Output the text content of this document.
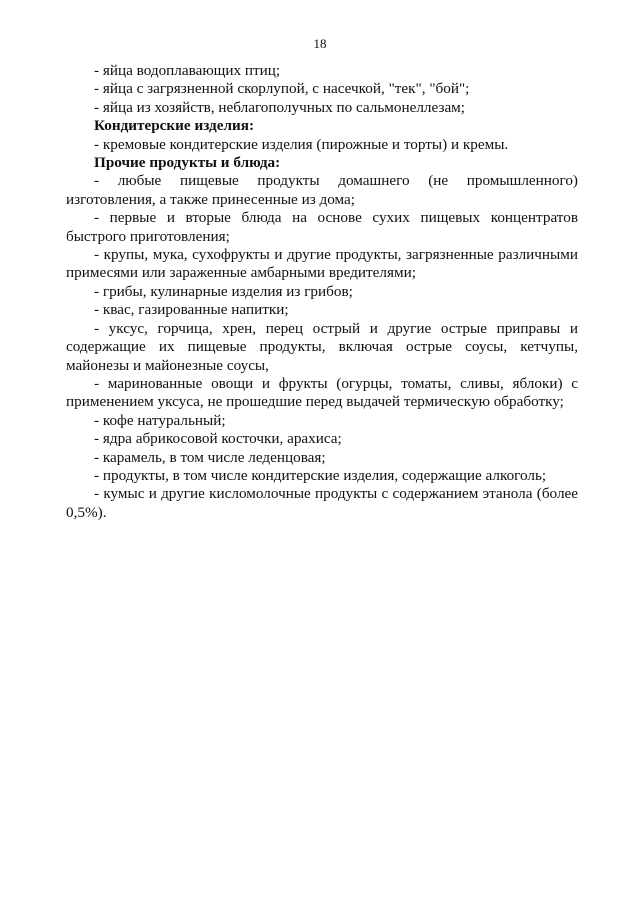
18

- яйца водоплавающих птиц;

- яйца с загрязненной скорлупой, с насечкой, "тек", "бой";

- яйца из хозяйств, неблагополучных по сальмонеллезам;

Кондитерские изделия:

- кремовые кондитерские изделия (пирожные и торты) и кремы.

Прочие продукты и блюда:

- любые пищевые продукты домашнего (не промышленного) изготовления, а также принесенные из дома;

- первые и вторые блюда на основе сухих пищевых концентратов быстрого приготовления;

- крупы, мука, сухофрукты и другие продукты, загрязненные различными примесями или зараженные амбарными вредителями;

- грибы, кулинарные изделия из грибов;

- квас, газированные напитки;

- уксус, горчица, хрен, перец острый и другие острые приправы и содержащие их пищевые продукты, включая острые соусы, кетчупы, майонезы и майонезные соусы,

- маринованные овощи и фрукты (огурцы, томаты, сливы, яблоки) с применением уксуса, не прошедшие перед выдачей термическую обработку;

- кофе натуральный;

- ядра абрикосовой косточки, арахиса;

- карамель, в том числе леденцовая;

- продукты, в том числе кондитерские изделия, содержащие алкоголь;

- кумыс и другие кисломолочные продукты с содержанием этанола (более 0,5%).
